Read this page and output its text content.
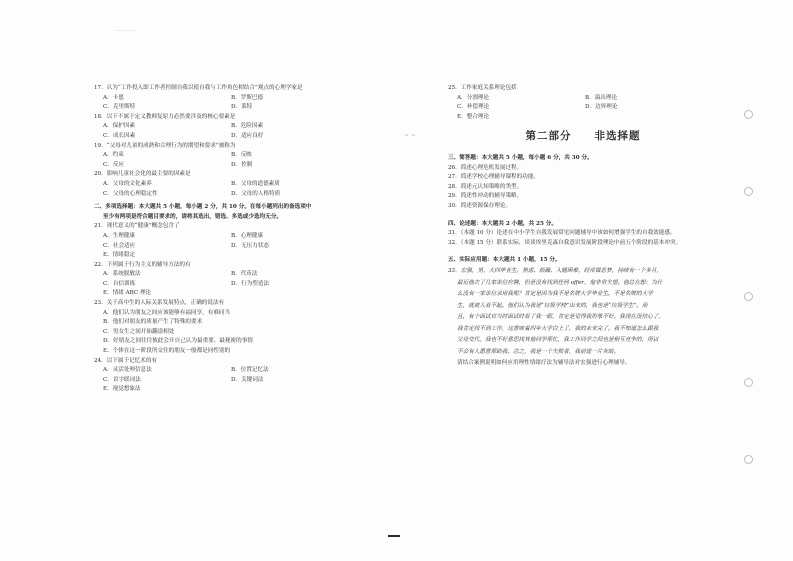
~ ~
17．认为“工作投入即工作者控制自我以使自我与工作角色相结合”观点的心理学家是
A．卡恩	B．罗斯巴德
C．克里斯特	D．莱特
18．以下不属于定义教师复原力必然要涉及的核心要素是
A．保护因素	B．危险因素
C．成长因素	D．适应良好
19．“父母对儿童的成熟和合理行为的期望和要求”被称为
A．约束	B．反映
C．反应	D．控制
20．影响儿童社会化的最主要的因素是
A．父母的文化素养	B．父母的道德素质
C．父母的心理稳定性	D．父母的人格特质
二、多项选择题：本大题共 5 小题，每小题 2 分，共 10 分。在每小题列出的备选项中
至少有两项是符合题目要求的，请将其选出，错选、多选或少选均无分。
21．现代意义的“健康”概念包含了
A．生理健康	B．心理健康
C．社会适应	D．无压力状态
E．情绪稳定
22．下列属于行为主义的辅导方法的有
A．系统脱敏法	B．代币法
C．自信训练	D．行为塑造法
E．情绪 ABC 理论
23．关于高中生的人际关系发展特点，正确的说法有
A．他们认为朋友之间应该能够有福同享，有难同当
B．他们对朋友的质量产生了特殊的要求
C．男女生之间开始翻涂相处
D．好朋友之间往往彼此会开自己认为最重要、最秘密的事情
E．个体在这一阶段所交往的朋友一般都是同性别的
24．以下属于记忆术的有
A．灵活处理信息法	B．位置记忆法
C．首字联词法	D．关键词法
E．视觉想象法
25．工作家庭关系理论包括
A．分割理论	B．溢出理论
C．补偿理论	D．边界理论
E．整合理论
第二部分　　非选择题
三、简答题：本大题共 5 小题，每小题 6 分，共 30 分。
26．简述心理危机发展过程。
27．简述学校心理辅导课程的功能。
28．简述元认知策略的类型。
29．简述性冲动的辅导策略。
30．简述资源保存理论。
四、论述题：本大题共 2 小题，共 25 分。
31．（本题 10 分）论述在中小学生自我发展常见问题辅导中该如何增强学生的自我效能感。
32．（本题 15 分）联系实际，谈谈埃里克森自我意识发展阶段理论中前五个阶段的基本冲突。
五、实际应用题：本大题共 1 小题，15 分。
33．宏强，男，大四毕业生，焦虑、烦躁、入睡困难，经常做恶梦，持续有一个多月，
最近他去了几家单位应聘，但是没有找到任何 offer，他非常失望。他总在想：为什
么没有一家单位录用我呢？肯定是因为我不是名牌大学毕业生。不是名牌的大学
生，就被人看不起。他们认为我是“垃圾学校”出来的，我也是“垃圾学生”。而
且，有个面试官当时面试时看了我一眼，肯定是觉得我形象不好。我现在没信心了，
我肯定找不到工作，这意味着四年大学白上了，我的未来完了。我不知道怎么跟我
父母交代。我也不好意思找其他同学帮忙，我工作同学之间也是相互竞争的，所以
不会有人愿意帮助我。总之，我是一个失败者，我前途一片灰暗。
请结合案例说明如何应用理性情绪疗法为辅导法对宏强进行心理辅导。
